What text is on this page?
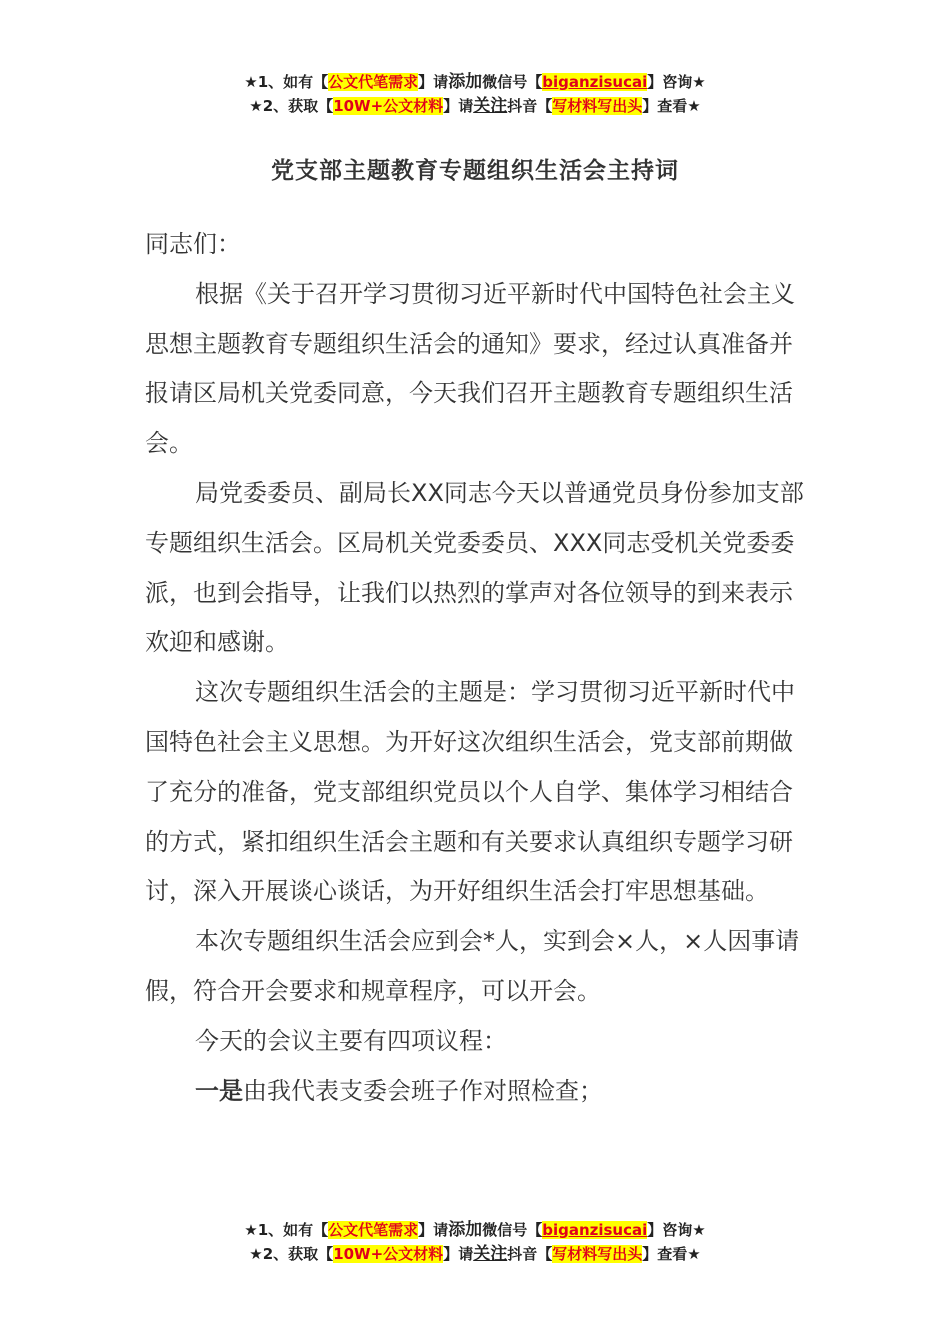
★1、如有【公文代笔需求】请添加微信号【biganzisucai】咨询★
★2、获取【10W+公文材料】请关注抖音【写材料写出头】查看★
党支部主题教育专题组织生活会主持词

同志们：

根据《关于召开学习贯彻习近平新时代中国特色社会主义思想主题教育专题组织生活会的通知》要求，经过认真准备并报请区局机关党委同意，今天我们召开主题教育专题组织生活会。

局党委委员、副局长XX同志今天以普通党员身份参加支部专题组织生活会。区局机关党委委员、XXX同志受机关党委委派，也到会指导，让我们以热烈的掌声对各位领导的到来表示欢迎和感谢。

这次专题组织生活会的主题是：学习贯彻习近平新时代中国特色社会主义思想。为开好这次组织生活会，党支部前期做了充分的准备，党支部组织党员以个人自学、集体学习相结合的方式，紧扣组织生活会主题和有关要求认真组织专题学习研讨，深入开展谈心谈话，为开好组织生活会打牢思想基础。

本次专题组织生活会应到会*人，实到会×人，×人因事请假，符合开会要求和规章程序，可以开会。

今天的会议主要有四项议程：

一是由我代表支委会班子作对照检查；

★1、如有【公文代笔需求】请添加微信号【biganzisucai】咨询★
★2、获取【10W+公文材料】请关注抖音【写材料写出头】查看★
